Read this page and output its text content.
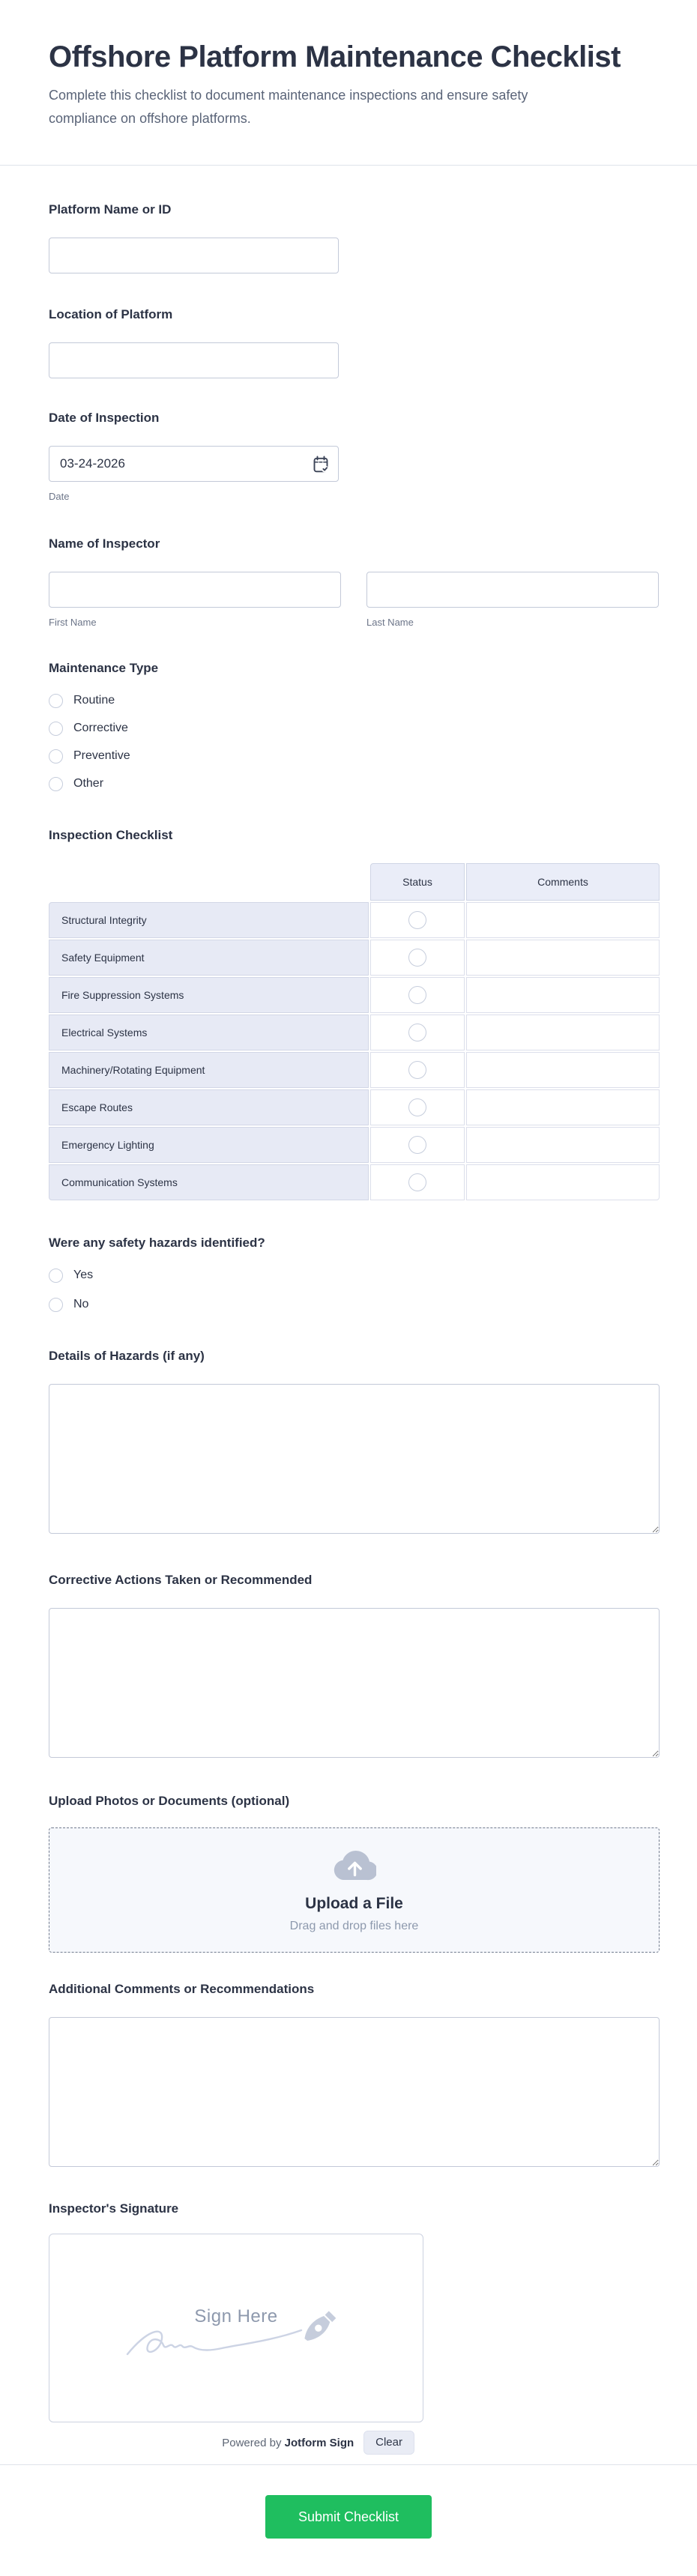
Offshore Platform Maintenance Checklist
Complete this checklist to document maintenance inspections and ensure safety compliance on offshore platforms.
Platform Name or ID
Location of Platform
Date of Inspection
03-24-2026
Date
Name of Inspector
First Name	Last Name
Maintenance Type
Routine
Corrective
Preventive
Other
Inspection Checklist
Status	Comments
Structural Integrity
Safety Equipment
Fire Suppression Systems
Electrical Systems
Machinery/Rotating Equipment
Escape Routes
Emergency Lighting
Communication Systems
Were any safety hazards identified?
Yes
No
Details of Hazards (if any)
Corrective Actions Taken or Recommended
Upload Photos or Documents (optional)
Upload a File
Drag and drop files here
Additional Comments or Recommendations
Inspector's Signature
Sign Here
Powered by Jotform Sign	Clear
Submit Checklist
